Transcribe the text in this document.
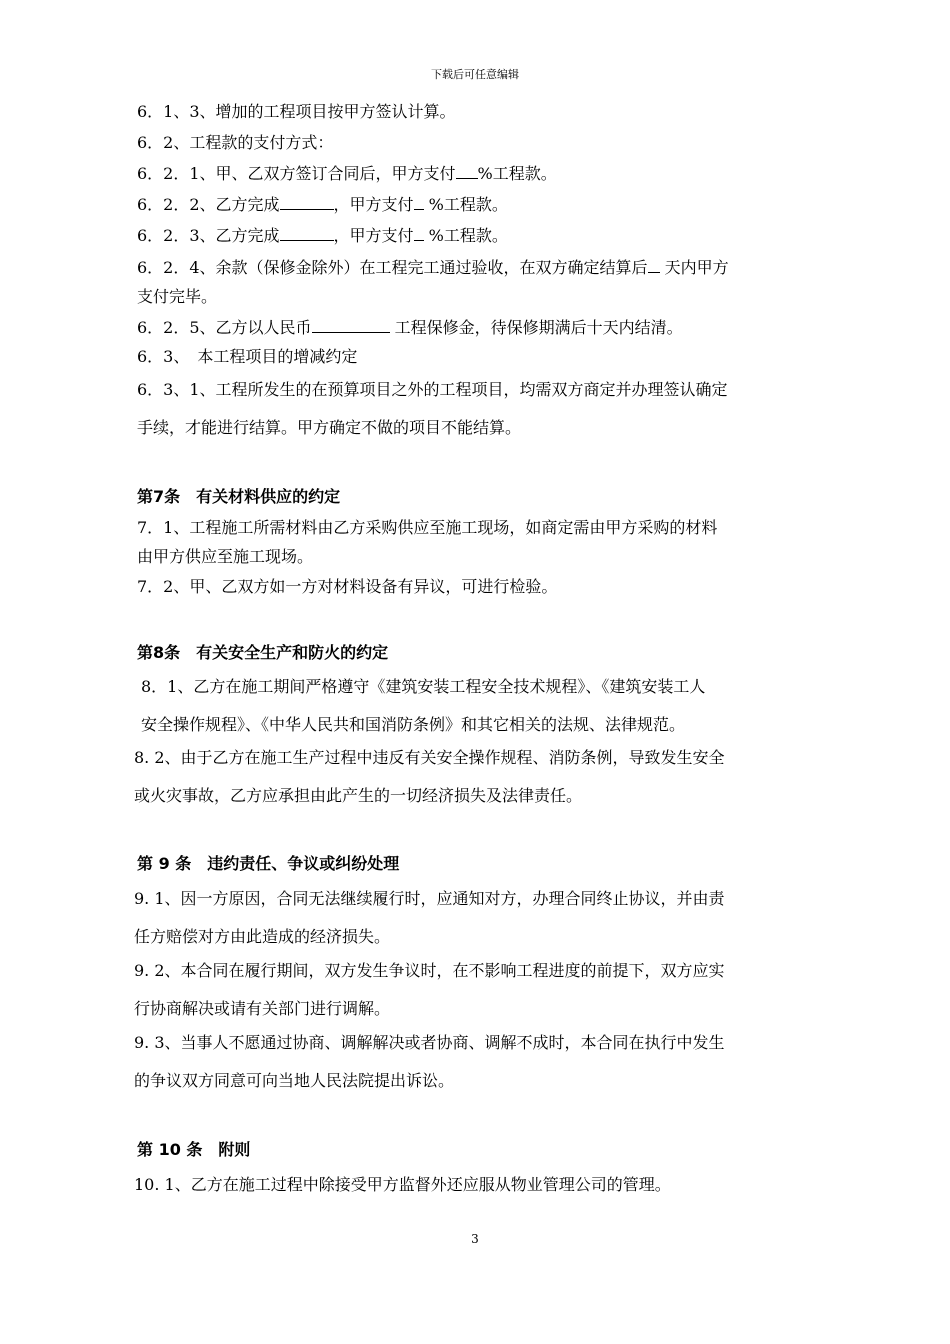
下载后可任意编辑
6．1、3、增加的工程项目按甲方签认计算。
6．2、工程款的支付方式：
6．2．1、甲、乙双方签订合同后，甲方支付 %工程款。
6．2．2、乙方完成	，甲方支付 %工程款。
6．2．3、乙方完成	，甲方支付 %工程款。
6．2．4、余款（保修金除外）在工程完工通过验收，在双方确定结算后 天内甲方
支付完毕。
6．2．5、乙方以人民币	工程保修金，待保修期满后十天内结清。
6．3、　本工程项目的增减约定
6．3、1、工程所发生的在预算项目之外的工程项目，均需双方商定并办理签认确定
手续，才能进行结算。甲方确定不做的项目不能结算。
第7条　有关材料供应的约定
7．1、工程施工所需材料由乙方采购供应至施工现场，如商定需由甲方采购的材料
由甲方供应至施工现场。
7．2、甲、乙双方如一方对材料设备有异议，可进行检验。
第8条　有关安全生产和防火的约定
8．1、乙方在施工期间严格遵守《建筑安装工程安全技术规程》、《建筑安装工人
安全操作规程》、《中华人民共和国消防条例》和其它相关的法规、法律规范。
8. 2、由于乙方在施工生产过程中违反有关安全操作规程、消防条例，导致发生安全
或火灾事故，乙方应承担由此产生的一切经济损失及法律责任。
第 9 条　违约责任、争议或纠纷处理
9. 1、因一方原因，合同无法继续履行时，应通知对方，办理合同终止协议，并由责
任方赔偿对方由此造成的经济损失。
9. 2、本合同在履行期间，双方发生争议时，在不影响工程进度的前提下，双方应实
行协商解决或请有关部门进行调解。
9. 3、当事人不愿通过协商、调解解决或者协商、调解不成时，本合同在执行中发生
的争议双方同意可向当地人民法院提出诉讼。
第 10 条　附则
10. 1、乙方在施工过程中除接受甲方监督外还应服从物业管理公司的管理。
3
